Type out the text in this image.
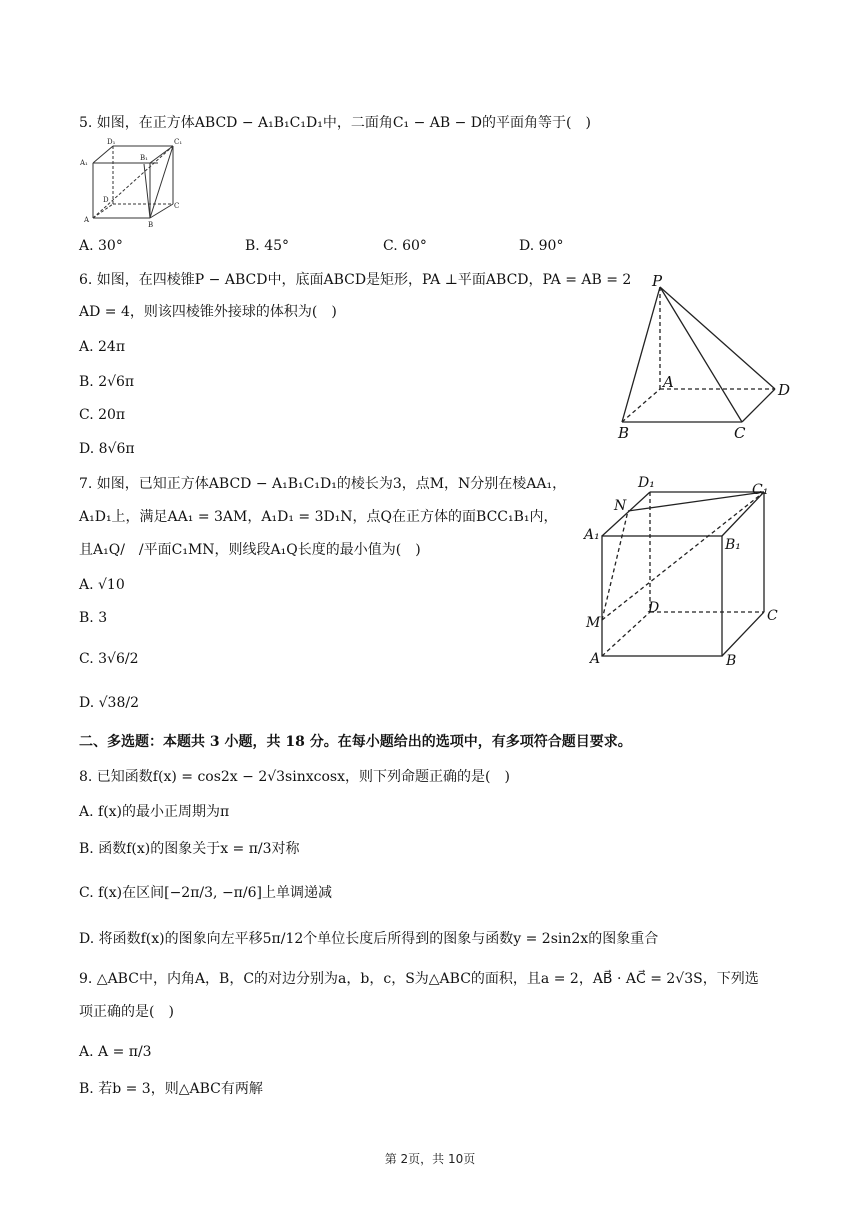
5. 如图，在正方体ABCD − A₁B₁C₁D₁中，二面角C₁ − AB − D的平面角等于(　)
A₁
D₁
B₁
C₁
D
A
B
C
A. 30°	B. 45°	C. 60°	D. 90°
6. 如图，在四棱锥P − ABCD中，底面ABCD是矩形，PA ⊥平面ABCD，PA = AB = 2
AD = 4，则该四棱锥外接球的体积为(　)
A. 24π
B. 2√6π
C. 20π
D. 8√6π
P
A	D
B	C
7. 如图，已知正方体ABCD − A₁B₁C₁D₁的棱长为3，点M，N分别在棱AA₁，
A₁D₁上，满足AA₁ = 3AM，A₁D₁ = 3D₁N，点Q在正方体的面BCC₁B₁内，
且A₁Q/　/平面C₁MN，则线段A₁Q长度的最小值为(　)
A. √10
B. 3
C. 3√6/2
D. √38/2
D₁	C₁
N
A₁
B₁
D	C
M
A	B
二、多选题：本题共 3 小题，共 18 分。在每小题给出的选项中，有多项符合题目要求。
8. 已知函数f(x) = cos2x − 2√3sinxcosx，则下列命题正确的是(　)
A. f(x)的最小正周期为π
B. 函数f(x)的图象关于x = π/3对称
C. f(x)在区间[−2π/3, −π/6]上单调递减
D. 将函数f(x)的图象向左平移5π/12个单位长度后所得到的图象与函数y = 2sin2x的图象重合
9. △ABC中，内角A，B，C的对边分别为a，b，c，S为△ABC的面积，且a = 2，AB⃗ · AC⃗ = 2√3S，下列选
项正确的是(　)
A. A = π/3
B. 若b = 3，则△ABC有两解
第 2页，共 10页
